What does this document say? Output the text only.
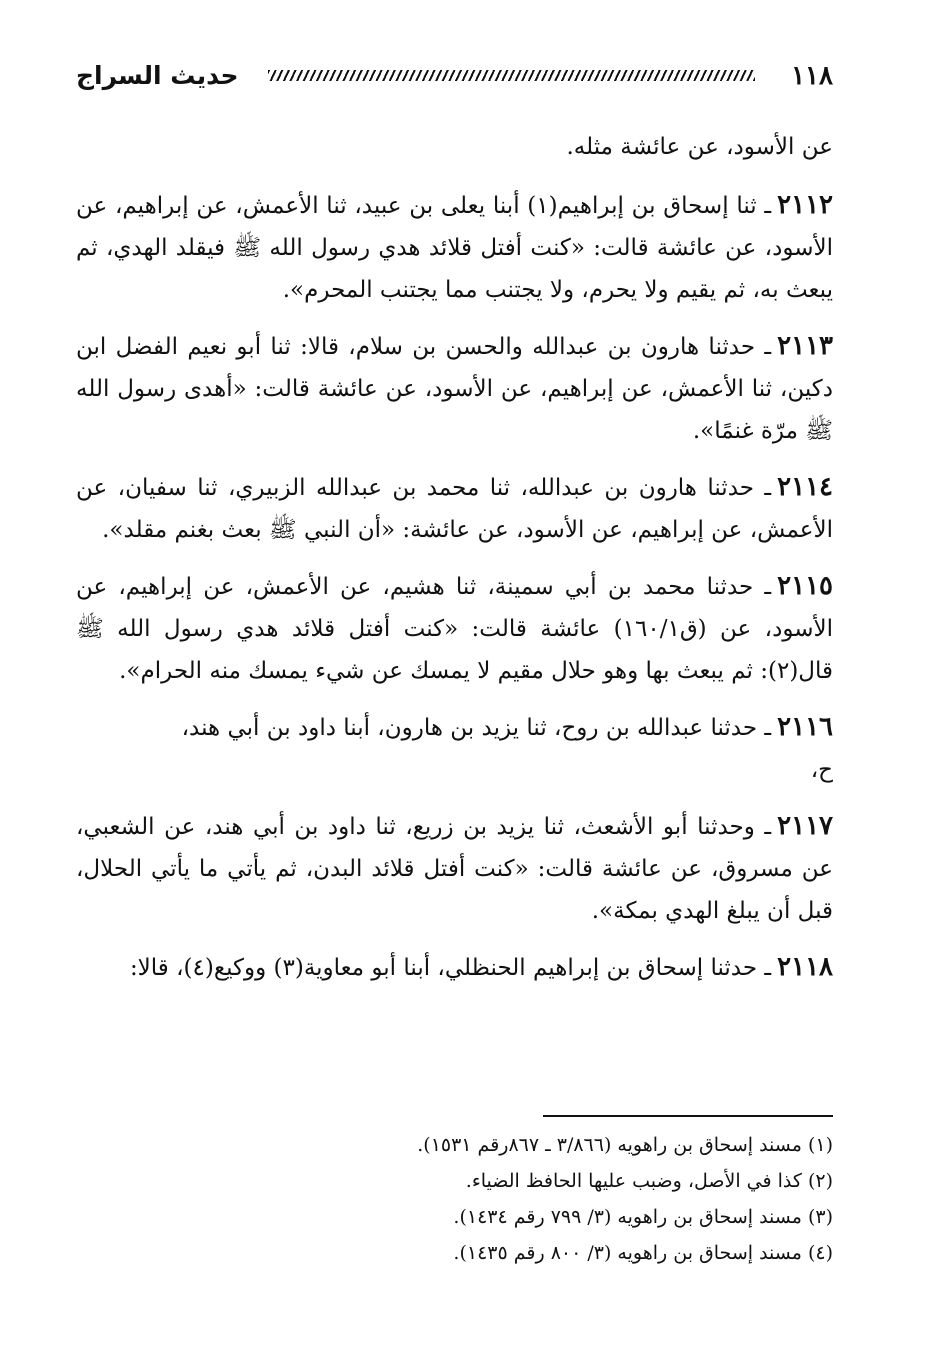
١١٨
حديث السراج

عن الأسود، عن عائشة مثله.

٢١١٢ـ ثنا إسحاق بن إبراهيم(١) أبنا يعلى بن عبيد، ثنا الأعمش، عن إبراهيم، عن الأسود، عن عائشة قالت: «كنت أفتل قلائد هدي رسول الله ﷺ فيقلد الهدي، ثم يبعث به، ثم يقيم ولا يحرم، ولا يجتنب مما يجتنب المحرم».

٢١١٣ـ حدثنا هارون بن عبدالله والحسن بن سلام، قالا: ثنا أبو نعيم الفضل ابن دكين، ثنا الأعمش، عن إبراهيم، عن الأسود، عن عائشة قالت: «أهدى رسول الله ﷺ مرّة غنمًا».

٢١١٤ـ حدثنا هارون بن عبدالله، ثنا محمد بن عبدالله الزبيري، ثنا سفيان، عن الأعمش، عن إبراهيم، عن الأسود، عن عائشة: «أن النبي ﷺ بعث بغنم مقلد».

٢١١٥ـ حدثنا محمد بن أبي سمينة، ثنا هشيم، عن الأعمش، عن إبراهيم، عن الأسود، عن (ق١٦٠/١) عائشة قالت: «كنت أفتل قلائد هدي رسول الله ﷺ قال(٢): ثم يبعث بها وهو حلال مقيم لا يمسك عن شيء يمسك منه الحرام».

٢١١٦ـ حدثنا عبدالله بن روح، ثنا يزيد بن هارون، أبنا داود بن أبي هند،

ح،

٢١١٧ـ وحدثنا أبو الأشعث، ثنا يزيد بن زريع، ثنا داود بن أبي هند، عن الشعبي، عن مسروق، عن عائشة قالت: «كنت أفتل قلائد البدن، ثم يأتي ما يأتي الحلال، قبل أن يبلغ الهدي بمكة».

٢١١٨ـ حدثنا إسحاق بن إبراهيم الحنظلي، أبنا أبو معاوية(٣) ووكيع(٤)، قالا:

(١) مسند إسحاق بن راهويه (٣/٨٦٦ ـ ٨٦٧رقم ١٥٣١).
(٢) كذا في الأصل، وضبب عليها الحافظ الضياء.
(٣) مسند إسحاق بن راهويه (٣/ ٧٩٩ رقم ١٤٣٤).
(٤) مسند إسحاق بن راهويه (٣/ ٨٠٠ رقم ١٤٣٥).
